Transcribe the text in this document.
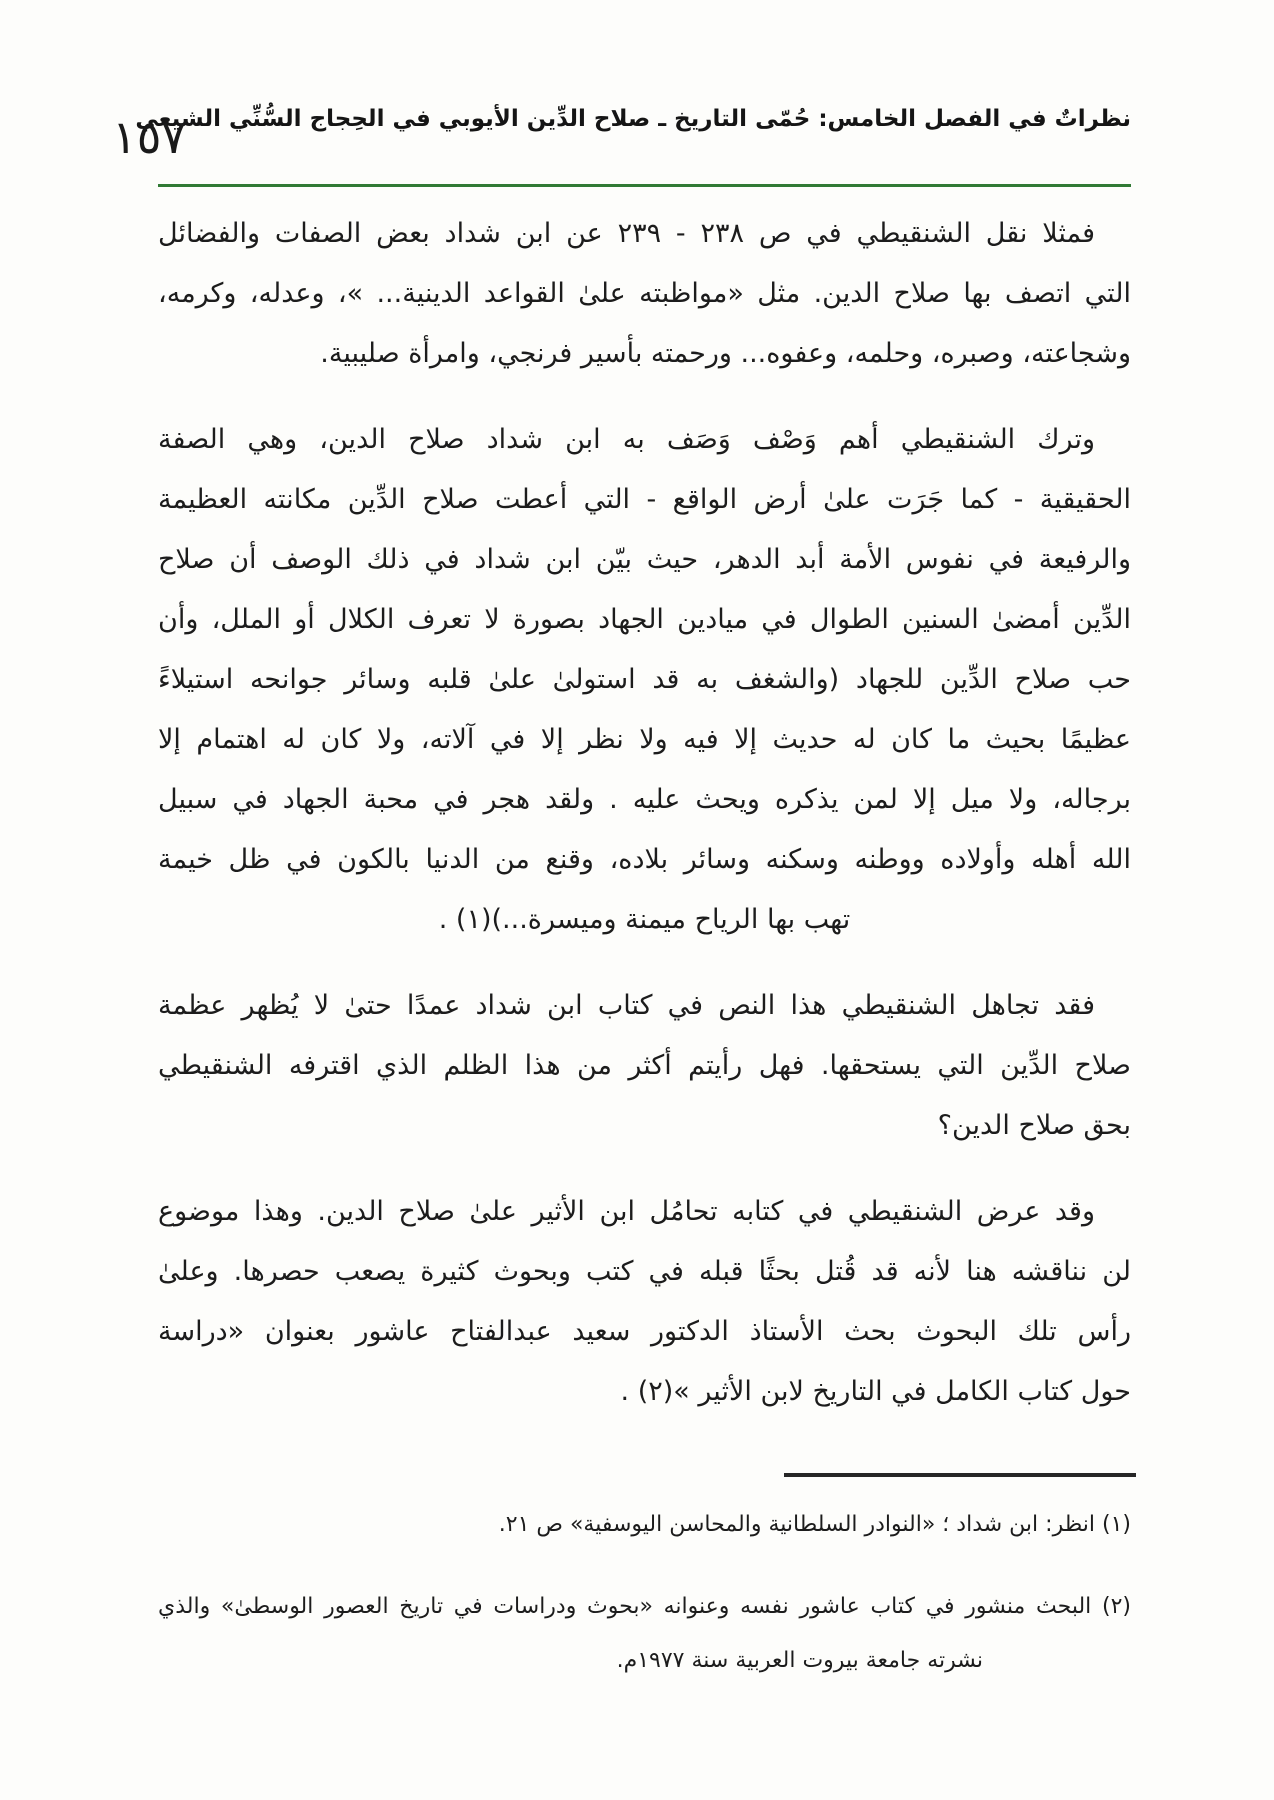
نظراتٌ في الفصل الخامس: حُمّى التاريخ ـ صلاح الدِّين الأيوبي في الحِجاج السُّنِّي الشيعي
١٥٧
فمثلا نقل الشنقيطي في ص ٢٣٨ - ٢٣٩ عن ابن شداد بعض الصفات والفضائل
التي اتصف بها صلاح الدين. مثل «مواظبته علىٰ القواعد الدينية... »، وعدله، وكرمه،
وشجاعته، وصبره، وحلمه، وعفوه... ورحمته بأسير فرنجي، وامرأة صليبية.
وترك الشنقيطي أهم وَصْف وَصَف به ابن شداد صلاح الدين، وهي الصفة
الحقيقية - كما جَرَت علىٰ أرض الواقع - التي أعطت صلاح الدِّين مكانته العظيمة
والرفيعة في نفوس الأمة أبد الدهر، حيث بيّن ابن شداد في ذلك الوصف أن صلاح
الدِّين أمضىٰ السنين الطوال في ميادين الجهاد بصورة لا تعرف الكلال أو الملل، وأن
حب صلاح الدِّين للجهاد (والشغف به قد استولىٰ علىٰ قلبه وسائر جوانحه استيلاءً
عظيمًا بحيث ما كان له حديث إلا فيه ولا نظر إلا في آلاته، ولا كان له اهتمام إلا
برجاله، ولا ميل إلا لمن يذكره ويحث عليه . ولقد هجر في محبة الجهاد في سبيل
الله أهله وأولاده ووطنه وسكنه وسائر بلاده، وقنع من الدنيا بالكون في ظل خيمة
تهب بها الرياح ميمنة وميسرة...)(١) .
فقد تجاهل الشنقيطي هذا النص في كتاب ابن شداد عمدًا حتىٰ لا يُظهر عظمة
صلاح الدِّين التي يستحقها. فهل رأيتم أكثر من هذا الظلم الذي اقترفه الشنقيطي
بحق صلاح الدين؟
وقد عرض الشنقيطي في كتابه تحامُل ابن الأثير علىٰ صلاح الدين. وهذا موضوع
لن نناقشه هنا لأنه قد قُتل بحثًا قبله في كتب وبحوث كثيرة يصعب حصرها. وعلىٰ
رأس تلك البحوث بحث الأستاذ الدكتور سعيد عبدالفتاح عاشور بعنوان «دراسة
حول كتاب الكامل في التاريخ لابن الأثير »(٢) .
(١) انظر: ابن شداد ؛ «النوادر السلطانية والمحاسن اليوسفية» ص ٢١.
(٢) البحث منشور في كتاب عاشور نفسه وعنوانه «بحوث ودراسات في تاريخ العصور الوسطىٰ» والذي
نشرته جامعة بيروت العربية سنة ١٩٧٧م.
